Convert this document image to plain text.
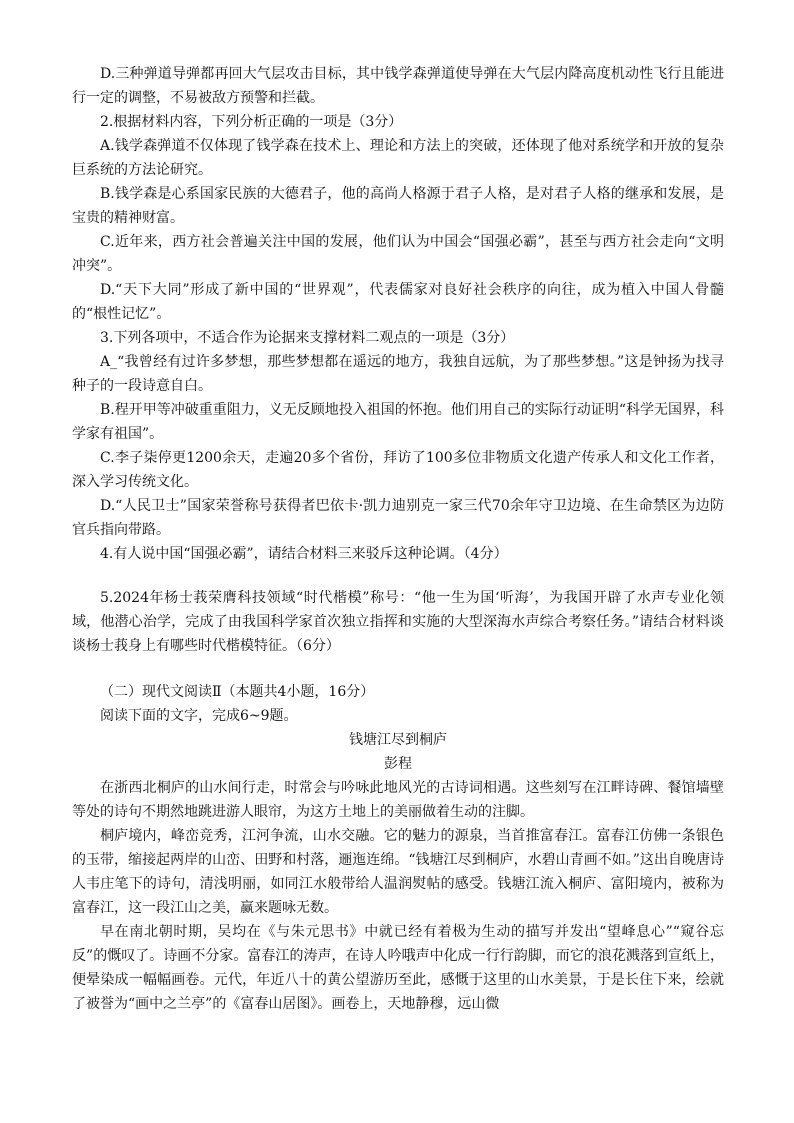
D.三种弹道导弹都再回大气层攻击目标，其中钱学森弹道使导弹在大气层内降高度机动性飞行且能进行一定的调整，不易被敌方预警和拦截。

2.根据材料内容，下列分析正确的一项是（3分）

A.钱学森弹道不仅体现了钱学森在技术上、理论和方法上的突破，还体现了他对系统学和开放的复杂巨系统的方法论研究。

B.钱学森是心系国家民族的大德君子，他的高尚人格源于君子人格，是对君子人格的继承和发展，是宝贵的精神财富。

C.近年来，西方社会普遍关注中国的发展，他们认为中国会“国强必霸”，甚至与西方社会走向“文明冲突”。

D.“天下大同”形成了新中国的“世界观”，代表儒家对良好社会秩序的向往，成为植入中国人骨髓的“根性记忆”。

3.下列各项中，不适合作为论据来支撑材料二观点的一项是（3分）

A_“我曾经有过许多梦想，那些梦想都在遥远的地方，我独自远航，为了那些梦想。”这是钟扬为找寻种子的一段诗意自白。

B.程开甲等冲破重重阻力，义无反顾地投入祖国的怀抱。他们用自己的实际行动证明“科学无国界，科学家有祖国”。

C.李子柒停更1200余天，走遍20多个省份，拜访了100多位非物质文化遗产传承人和文化工作者，深入学习传统文化。

D.“人民卫士”国家荣誉称号获得者巴依卡·凯力迪别克一家三代70余年守卫边境、在生命禁区为边防官兵指向带路。

4.有人说中国“国强必霸”，请结合材料三来驳斥这种论调。（4分）

5.2024年杨士莪荣膺科技领域“时代楷模”称号：“他一生为国‘听海’，为我国开辟了水声专业化领域，他潜心治学，完成了由我国科学家首次独立指挥和实施的大型深海水声综合考察任务。”请结合材料谈谈杨士莪身上有哪些时代楷模特征。（6分）

（二）现代文阅读Ⅱ（本题共4小题，16分）

阅读下面的文字，完成6~9题。

钱塘江尽到桐庐

彭程

在浙西北桐庐的山水间行走，时常会与吟咏此地风光的古诗词相遇。这些刻写在江畔诗碑、餐馆墙壁等处的诗句不期然地跳进游人眼帘，为这方土地上的美丽做着生动的注脚。

桐庐境内，峰峦竞秀，江河争流，山水交融。它的魅力的源泉，当首推富春江。富春江仿佛一条银色的玉带，缩接起两岸的山峦、田野和村落，逦迤连绵。“钱塘江尽到桐庐，水碧山青画不如。”这出自晚唐诗人韦庄笔下的诗句，清浅明丽，如同江水般带给人温润熨帖的感受。钱塘江流入桐庐、富阳境内，被称为富春江，这一段江山之美，赢来题咏无数。

早在南北朝时期，吴均在《与朱元思书》中就已经有着极为生动的描写并发出“望峰息心”“窥谷忘反”的慨叹了。诗画不分家。富春江的涛声，在诗人吟哦声中化成一行行韵脚，而它的浪花溅落到宣纸上，便晕染成一幅幅画卷。元代，年近八十的黄公望游历至此，感慨于这里的山水美景，于是长住下来，绘就了被誉为“画中之兰亭”的《富春山居图》。画卷上，天地静穆，远山微
